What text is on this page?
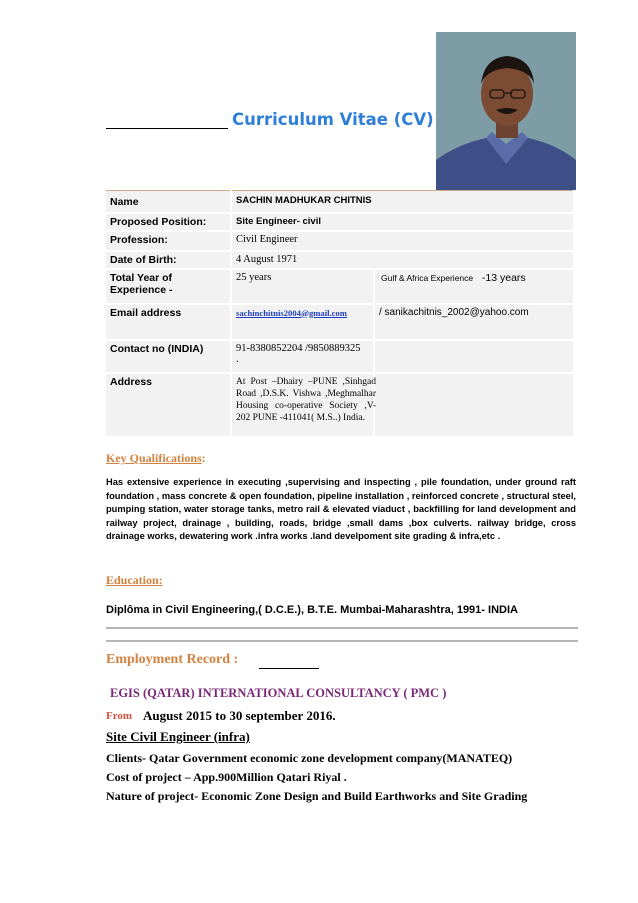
Curriculum Vitae (CV)
Name	SACHIN MADHUKAR CHITNIS	
Proposed Position:	Site Engineer- civil	
Profession:	Civil Engineer	
Date of Birth:	4 August 1971	
Total Year of Experience -	25 years	Gulf & Africa Experience -13 years
Email address	sachinchitnis2004@gmail.com	/ sanikachitnis_2002@yahoo.com
Contact no (INDIA)	91-8380852204 /9850889325
.	

Address	At Post –Dhairy –PUNE ,Sinhgad Road ,D.S.K. Vishwa ,Meghmalhar Housing co-operative Society ,V-202 PUNE -411041( M.S..) India.	

Key Qualifications:
Has extensive experience in executing ,supervising and inspecting , pile foundation, under ground raft foundation , mass concrete & open foundation, pipeline installation , reinforced concrete , structural steel, pumping station, water storage tanks, metro rail & elevated viaduct , backfilling for land development and railway project, drainage , building, roads, bridge ,small dams ,box culverts. railway bridge, cross drainage works, dewatering work .infra works .land develpoment site grading & infra,etc .
Education:
Diplôma in Civil Engineering,( D.C.E.), B.T.E. Mumbai-Maharashtra, 1991- INDIA
Employment Record :
EGIS (QATAR) INTERNATIONAL CONSULTANCY ( PMC )
From August 2015 to 30 september 2016.
Site Civil Engineer (infra)
Clients- Qatar Government economic zone development company(MANATEQ)
Cost of project – App.900Million Qatari Riyal .
Nature of project- Economic Zone Design and Build Earthworks and Site Grading
